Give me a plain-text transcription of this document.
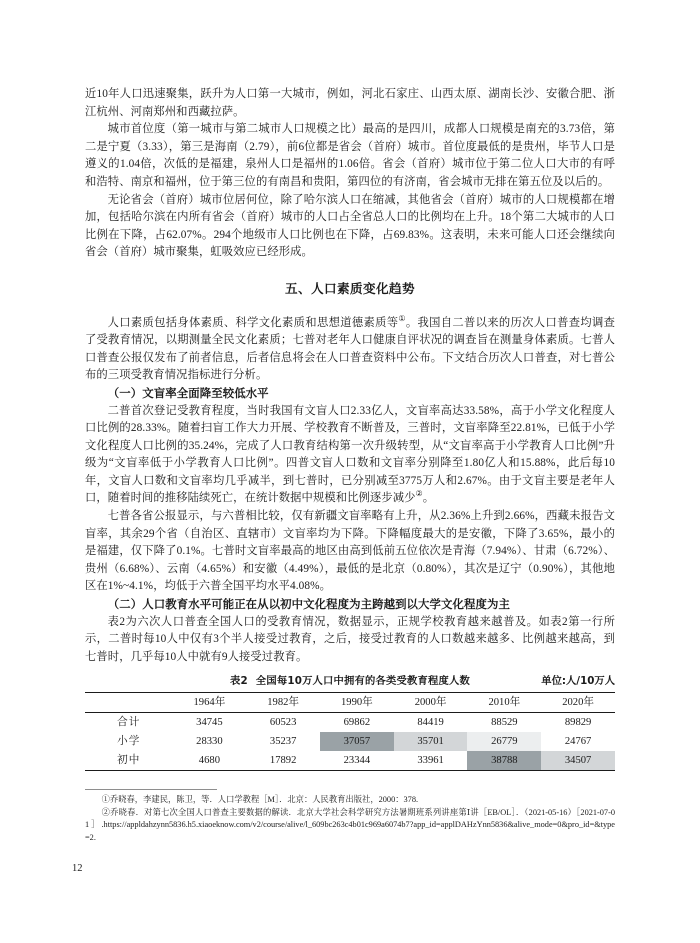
近10年人口迅速聚集，跃升为人口第一大城市，例如，河北石家庄、山西太原、湖南长沙、安徽合肥、浙江杭州、河南郑州和西藏拉萨。

城市首位度（第一城市与第二城市人口规模之比）最高的是四川，成都人口规模是南充的3.73倍，第二是宁夏（3.33），第三是海南（2.79），前6位都是省会（首府）城市。首位度最低的是贵州，毕节人口是遵义的1.04倍，次低的是福建，泉州人口是福州的1.06倍。省会（首府）城市位于第二位人口大市的有呼和浩特、南京和福州，位于第三位的有南昌和贵阳，第四位的有济南，省会城市无排在第五位及以后的。

无论省会（首府）城市位居何位，除了哈尔滨人口在缩减，其他省会（首府）城市的人口规模都在增加，包括哈尔滨在内所有省会（首府）城市的人口占全省总人口的比例均在上升。18个第二大城市的人口比例在下降，占62.07%。294个地级市人口比例也在下降，占69.83%。这表明，未来可能人口还会继续向省会（首府）城市聚集，虹吸效应已经形成。

五、人口素质变化趋势

人口素质包括身体素质、科学文化素质和思想道德素质等①。我国自二普以来的历次人口普查均调查了受教育情况，以期测量全民文化素质；七普对老年人口健康自评状况的调查旨在测量身体素质。七普人口普查公报仅发布了前者信息，后者信息将会在人口普查资料中公布。下文结合历次人口普查，对七普公布的三项受教育情况指标进行分析。

（一）文盲率全面降至较低水平

二普首次登记受教育程度，当时我国有文盲人口2.33亿人，文盲率高达33.58%，高于小学文化程度人口比例的28.33%。随着扫盲工作大力开展、学校教育不断普及，三普时，文盲率降至22.81%，已低于小学文化程度人口比例的35.24%，完成了人口教育结构第一次升级转型，从“文盲率高于小学教育人口比例”升级为“文盲率低于小学教育人口比例”。四普文盲人口数和文盲率分别降至1.80亿人和15.88%，此后每10年，文盲人口数和文盲率均几乎减半，到七普时，已分别减至3775万人和2.67%。由于文盲主要是老年人口，随着时间的推移陆续死亡，在统计数据中规模和比例逐步减少②。

七普各省公报显示，与六普相比较，仅有新疆文盲率略有上升，从2.36%上升到2.66%，西藏未报告文盲率，其余29个省（自治区、直辖市）文盲率均为下降。下降幅度最大的是安徽，下降了3.65%，最小的是福建，仅下降了0.1%。七普时文盲率最高的地区由高到低前五位依次是青海（7.94%）、甘肃（6.72%）、贵州（6.68%）、云南（4.65%）和安徽（4.49%），最低的是北京（0.80%），其次是辽宁（0.90%），其他地区在1%~4.1%，均低于六普全国平均水平4.08%。

（二）人口教育水平可能正在从以初中文化程度为主跨越到以大学文化程度为主

表2为六次人口普查全国人口的受教育情况，数据显示，正规学校教育越来越普及。如表2第一行所示，二普时每10人中仅有3个半人接受过教育，之后，接受过教育的人口数越来越多、比例越来越高，到七普时，几乎每10人中就有9人接受过教育。

表2 全国每10万人口中拥有的各类受教育程度人数	单位:人/10万人
	1964年	1982年	1990年	2000年	2010年	2020年
合计	34745	60523	69862	84419	88529	89829
小学	28330	35237	37057	35701	26779	24767
初中	4680	17892	23344	33961	38788	34507

①乔晓春，李建民，陈卫，等．人口学教程［M］．北京：人民教育出版社，2000：378.

②乔晓春．对第七次全国人口普查主要数据的解读．北京大学社会科学研究方法暑期班系列讲座第Ⅰ讲［EB/OL］．（2021-05-16）［2021-07-01］.https://appldahzynn5836.h5.xiaoeknow.com/v2/course/alive/l_609bc263c4b01c969a6074b7?app_id=applDAHzYnn5836&alive_mode=0&pro_id=&type=2.

12
